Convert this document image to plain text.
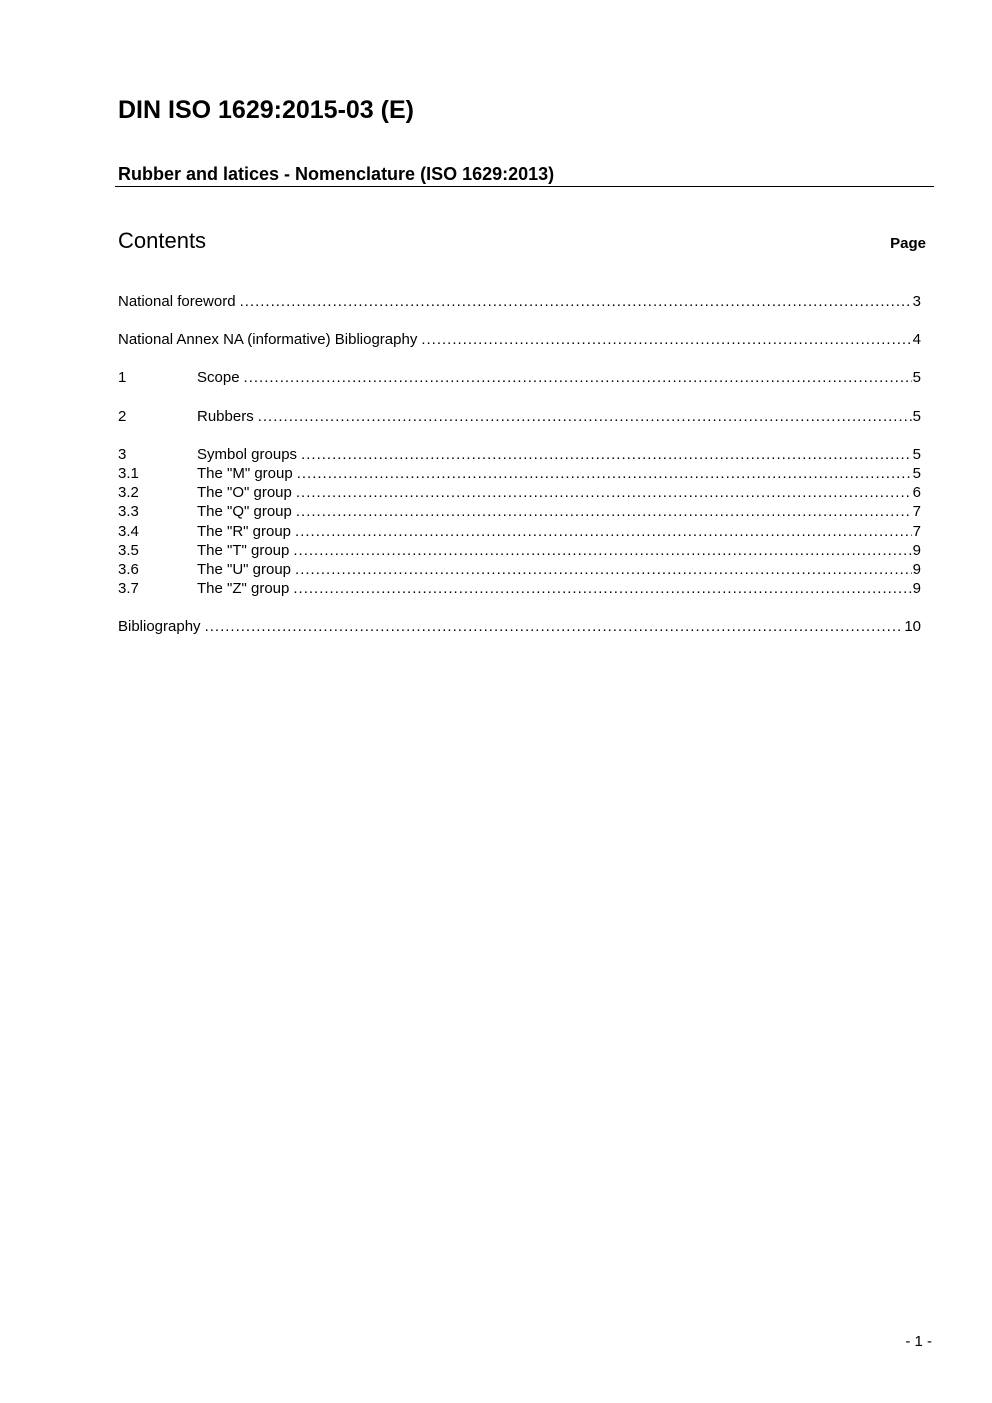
DIN ISO 1629:2015-03 (E)
Rubber and latices - Nomenclature (ISO 1629:2013)
Contents	Page
National foreword .....	3
National Annex NA (informative) Bibliography .....	4
1	Scope .....	5
2	Rubbers .....	5
3	Symbol groups .....	5
3.1	The "M" group .....	5
3.2	The "O" group .....	6
3.3	The "Q" group .....	7
3.4	The "R" group .....	7
3.5	The "T" group .....	9
3.6	The "U" group .....	9
3.7	The "Z" group .....	9
Bibliography .....	10
- 1 -
